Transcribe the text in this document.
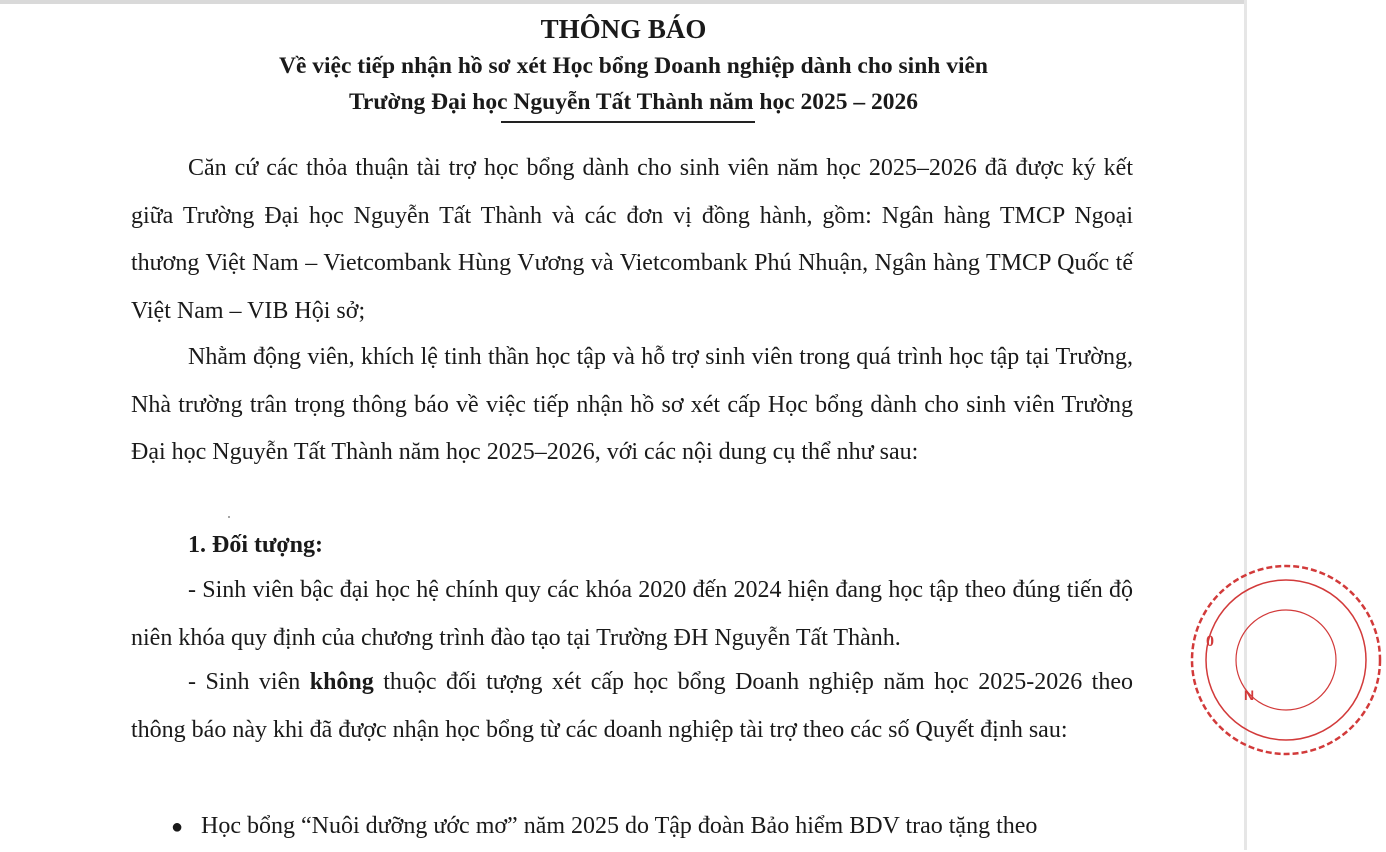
THÔNG BÁO

Về việc tiếp nhận hồ sơ xét Học bổng Doanh nghiệp dành cho sinh viên

Trường Đại học Nguyễn Tất Thành năm học 2025 – 2026

Căn cứ các thỏa thuận tài trợ học bổng dành cho sinh viên năm học 2025–2026 đã được ký kết giữa Trường Đại học Nguyễn Tất Thành và các đơn vị đồng hành, gồm: Ngân hàng TMCP Ngoại thương Việt Nam – Vietcombank Hùng Vương và Vietcombank Phú Nhuận, Ngân hàng TMCP Quốc tế Việt Nam – VIB Hội sở;

Nhằm động viên, khích lệ tinh thần học tập và hỗ trợ sinh viên trong quá trình học tập tại Trường, Nhà trường trân trọng thông báo về việc tiếp nhận hồ sơ xét cấp Học bổng dành cho sinh viên Trường Đại học Nguyễn Tất Thành năm học 2025–2026, với các nội dung cụ thể như sau:

1. Đối tượng:

- Sinh viên bậc đại học hệ chính quy các khóa 2020 đến 2024 hiện đang học tập theo đúng tiến độ niên khóa quy định của chương trình đào tạo tại Trường ĐH Nguyễn Tất Thành.

- Sinh viên không thuộc đối tượng xét cấp học bổng Doanh nghiệp năm học 2025-2026 theo thông báo này khi đã được nhận học bổng từ các doanh nghiệp tài trợ theo các số Quyết định sau:

● Học bổng “Nuôi dưỡng ước mơ” năm 2025 do Tập đoàn Bảo hiểm BDV trao tặng theo

0
N
